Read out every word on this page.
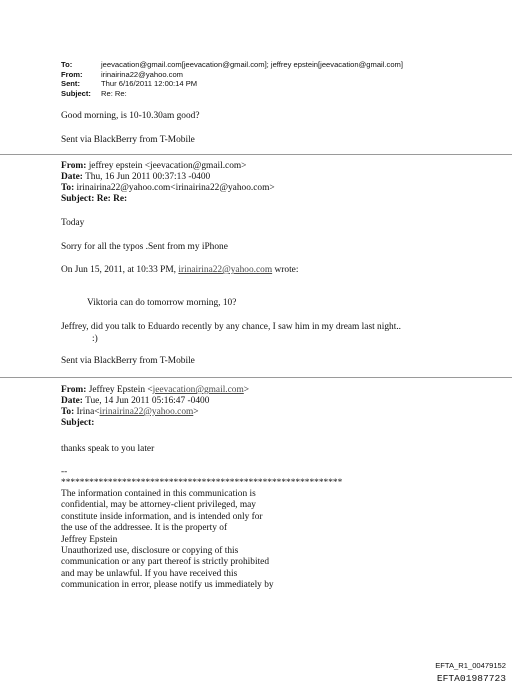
To:	jeevacation@gmail.com[jeevacation@gmail.com]; jeffrey epstein[jeevacation@gmail.com]
From:	irinairina22@yahoo.com
Sent:	Thur 6/16/2011 12:00:14 PM
Subject:	Re: Re:
Good morning, is 10-10.30am good?
Sent via BlackBerry from T-Mobile
From: jeffrey epstein <jeevacation@gmail.com>
Date: Thu, 16 Jun 2011 00:37:13 -0400
To: irinairina22@yahoo.com<irinairina22@yahoo.com>
Subject: Re: Re:
Today
Sorry for all the typos .Sent from my iPhone
On Jun 15, 2011, at 10:33 PM, irinairina22@yahoo.com wrote:
Viktoria can do tomorrow morning, 10?
Jeffrey, did you talk to Eduardo recently by any chance, I saw him in my dream last night..
:)
Sent via BlackBerry from T-Mobile
From: Jeffrey Epstein <jeevacation@gmail.com>
Date: Tue, 14 Jun 2011 05:16:47 -0400
To: Irina<irinairina22@yahoo.com>
Subject:
thanks speak to you later
--
************************************************************

The information contained in this communication is

confidential, may be attorney-client privileged, may

constitute inside information, and is intended only for

the use of the addressee. It is the property of

Jeffrey Epstein

Unauthorized use, disclosure or copying of this

communication or any part thereof is strictly prohibited

and may be unlawful. If you have received this

communication in error, please notify us immediately by

EFTA_R1_00479152
EFTA01987723
